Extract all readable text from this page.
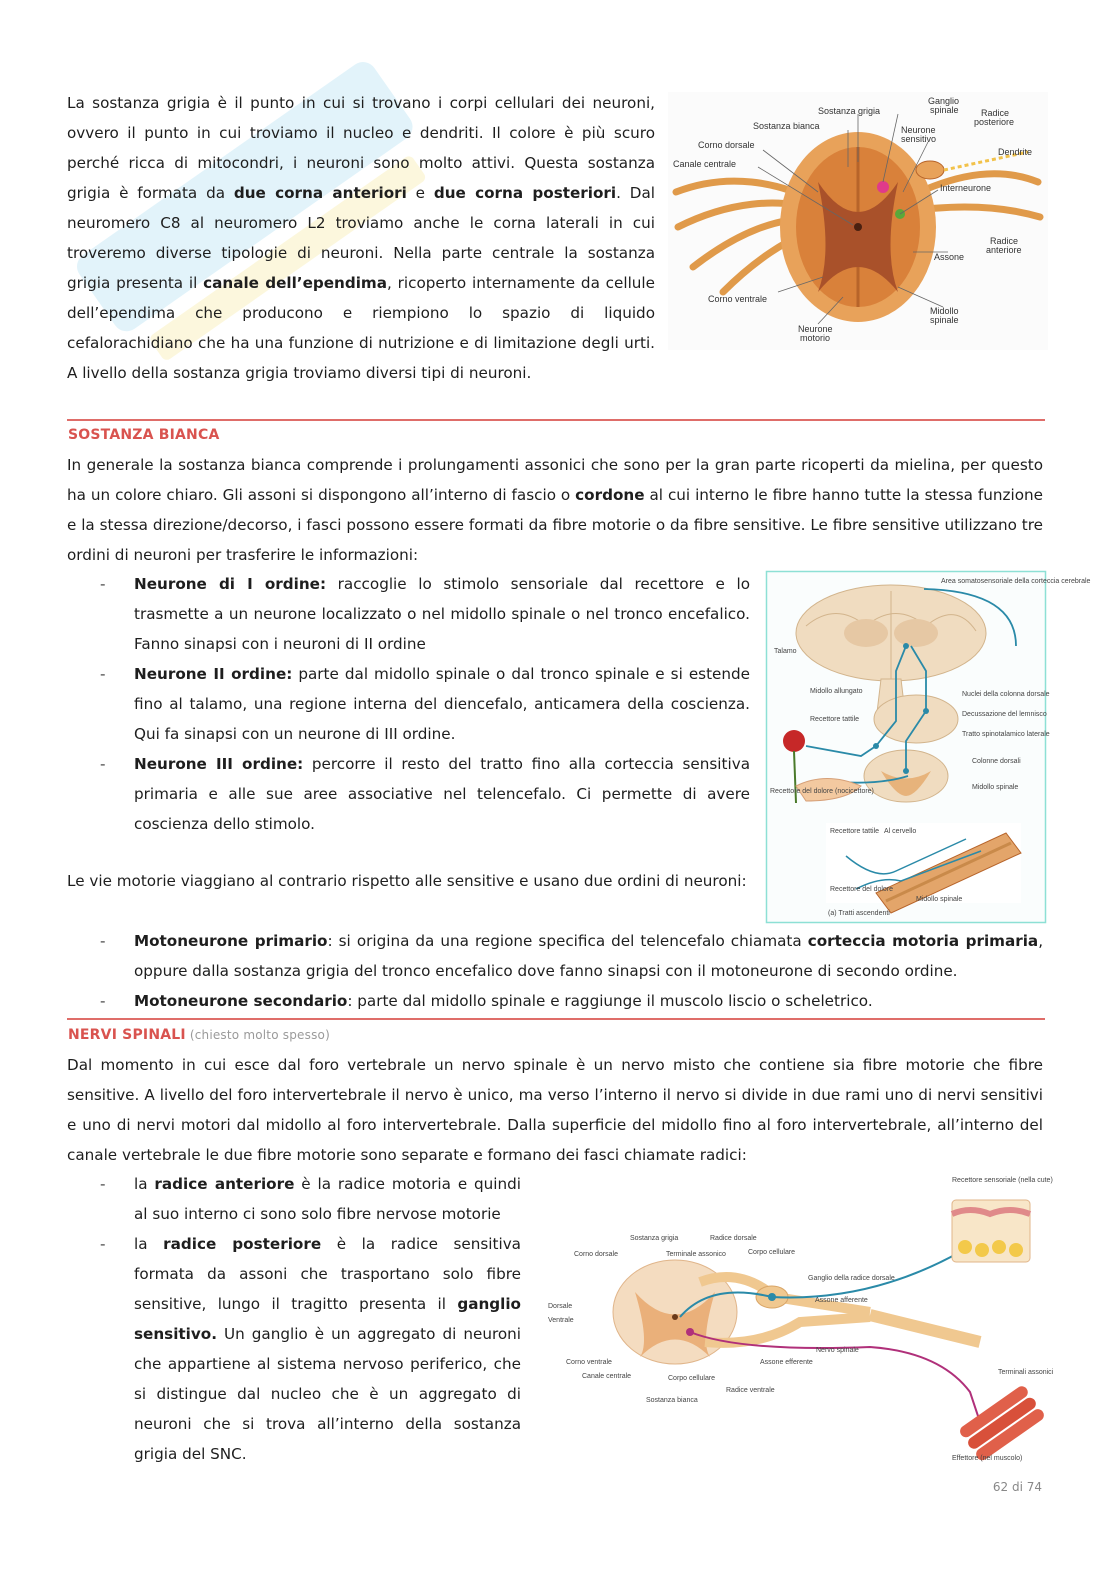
La sostanza grigia è il punto in cui si trovano i corpi cellulari dei neuroni, ovvero il punto in cui troviamo il nucleo e dendriti. Il colore è più scuro perché ricca di mitocondri, i neuroni sono molto attivi. Questa sostanza grigia è formata da due corna anteriori e due corna posteriori. Dal neuromero C8 al neuromero L2 troviamo anche le corna laterali in cui troveremo diverse tipologie di neuroni. Nella parte centrale la sostanza grigia presenta il canale dell’ependima, ricoperto internamente da cellule dell’ependima che producono e riempiono lo spazio di liquido cefalorachidiano che ha una funzione di nutrizione e di limitazione degli urti. A livello della sostanza grigia troviamo diversi tipi di neuroni.

Sostanza grigia
Ganglio
spinale Radice
posteriore
Sostanza bianca	Neurone
sensitivo
Corno dorsale
Canale centrale
Dendrite
Interneurone
Radice
anteriore
Assone
Corno ventrale
Midollo
spinale
Neurone
motorio
SOSTANZA BIANCA

In generale la sostanza bianca comprende i prolungamenti assonici che sono per la gran parte ricoperti da mielina, per questo ha un colore chiaro. Gli assoni si dispongono all’interno di fascio o cordone al cui interno le fibre hanno tutte la stessa funzione e la stessa direzione/decorso, i fasci possono essere formati da fibre motorie o da fibre sensitive. Le fibre sensitive utilizzano tre ordini di neuroni per trasferire le informazioni:

- Neurone di I ordine: raccoglie lo stimolo sensoriale dal recettore e lo trasmette a un neurone localizzato o nel midollo spinale o nel tronco encefalico. Fanno sinapsi con i neuroni di II ordine
- Neurone II ordine: parte dal midollo spinale o dal tronco spinale e si estende fino al talamo, una regione interna del diencefalo, anticamera della coscienza. Qui fa sinapsi con un neurone di III ordine.
- Neurone III ordine: percorre il resto del tratto fino alla corteccia sensitiva primaria e alle sue aree associative nel telencefalo. Ci permette di avere coscienza dello stimolo.
Area somatosensoriale della corteccia cerebrale
Talamo
Midollo allungato
Recettore tattile
Nuclei della colonna dorsale
Decussazione del lemnisco
Tratto spinotalamico laterale
Colonne dorsali
Recettore del dolore (nocicettore)
Midollo spinale
Recettore tattile Al cervello
Recettore del dolore
Midollo spinale
(a) Tratti ascendenti

Le vie motorie viaggiano al contrario rispetto alle sensitive e usano due ordini di neuroni:

- Motoneurone primario: si origina da una regione specifica del telencefalo chiamata corteccia motoria primaria, oppure dalla sostanza grigia del tronco encefalico dove fanno sinapsi con il motoneurone di secondo ordine.
- Motoneurone secondario: parte dal midollo spinale e raggiunge il muscolo liscio o scheletrico.
NERVI SPINALI (chiesto molto spesso)

Dal momento in cui esce dal foro vertebrale un nervo spinale è un nervo misto che contiene sia fibre motorie che fibre sensitive. A livello del foro intervertebrale il nervo è unico, ma verso l’interno il nervo si divide in due rami uno di nervi sensitivi e uno di nervi motori dal midollo al foro intervertebrale. Dalla superficie del midollo fino al foro intervertebrale, all’interno del canale vertebrale le due fibre motorie sono separate e formano dei fasci chiamate radici:

- la radice anteriore è la radice motoria e quindi al suo interno ci sono solo fibre nervose motorie
- la radice posteriore è la radice sensitiva formata da assoni che trasportano solo fibre sensitive, lungo il tragitto presenta il ganglio sensitivo. Un ganglio è un aggregato di neuroni che appartiene al sistema nervoso periferico, che si distingue dal nucleo che è un aggregato di neuroni che si trova all’interno della sostanza grigia del SNC.
Recettore sensoriale (nella cute)
Sostanza grigia	Radice dorsale
Corno dorsale	Terminale assonico	Corpo cellulare
Ganglio della radice dorsale
Assone afferente
Dorsale
Ventrale
Nervo spinale
Corno ventrale
Canale centrale	Corpo cellulare
Assone efferente
Terminali assonici
Sostanza bianca
Radice ventrale
Effettore (nel muscolo)
62 di 74
